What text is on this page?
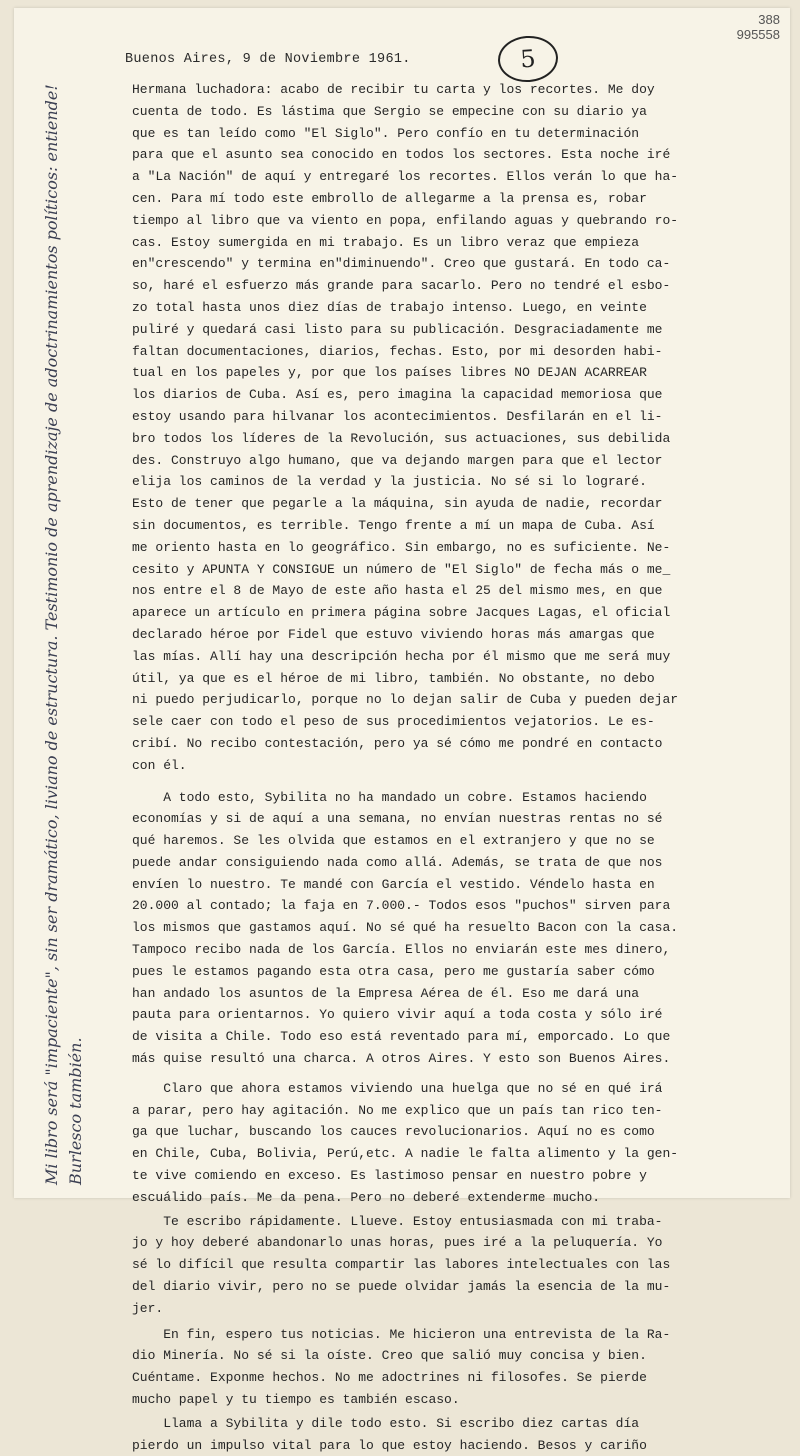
388
995558
5
Mi libro será "impaciente", sin ser dramático, liviano de estructura. Testimonio de aprendizaje de adoctrinamientos políticos: entiende! Burlesco también.
Buenos Aires, 9 de Noviembre 1961.
Hermana luchadora: acabo de recibir tu carta y los recortes. Me doy
cuenta de todo. Es lástima que Sergio se empecine con su diario ya
que es tan leído como "El Siglo". Pero confío en tu determinación
para que el asunto sea conocido en todos los sectores. Esta noche iré
a "La Nación" de aquí y entregaré los recortes. Ellos verán lo que ha-
cen. Para mí todo este embrollo de allegarme a la prensa es, robar
tiempo al libro que va viento en popa, enfilando aguas y quebrando ro-
cas. Estoy sumergida en mi trabajo. Es un libro veraz que empieza
en"crescendo" y termina en"diminuendo". Creo que gustará. En todo ca-
so, haré el esfuerzo más grande para sacarlo. Pero no tendré el esbo-
zo total hasta unos diez días de trabajo intenso. Luego, en veinte
puliré y quedará casi listo para su publicación. Desgraciadamente me
faltan documentaciones, diarios, fechas. Esto, por mi desorden habi-
tual en los papeles y, por que los países libres NO DEJAN ACARREAR
los diarios de Cuba. Así es, pero imagina la capacidad memoriosa que
estoy usando para hilvanar los acontecimientos. Desfilarán en el li-
bro todos los líderes de la Revolución, sus actuaciones, sus debilida
des. Construyo algo humano, que va dejando margen para que el lector
elija los caminos de la verdad y la justicia. No sé si lo lograré.
Esto de tener que pegarle a la máquina, sin ayuda de nadie, recordar
sin documentos, es terrible. Tengo frente a mí un mapa de Cuba. Así
me oriento hasta en lo geográfico. Sin embargo, no es suficiente. Ne-
cesito y APUNTA Y CONSIGUE un número de "El Siglo" de fecha más o me_
nos entre el 8 de Mayo de este año hasta el 25 del mismo mes, en que
aparece un artículo en primera página sobre Jacques Lagas, el oficial
declarado héroe por Fidel que estuvo viviendo horas más amargas que
las mías. Allí hay una descripción hecha por él mismo que me será muy
útil, ya que es el héroe de mi libro, también. No obstante, no debo
ni puedo perjudicarlo, porque no lo dejan salir de Cuba y pueden dejar
sele caer con todo el peso de sus procedimientos vejatorios. Le es-
cribí. No recibo contestación, pero ya sé cómo me pondré en contacto
con él.
A todo esto, Sybilita no ha mandado un cobre. Estamos haciendo
economías y si de aquí a una semana, no envían nuestras rentas no sé
qué haremos. Se les olvida que estamos en el extranjero y que no se
puede andar consiguiendo nada como allá. Además, se trata de que nos
envíen lo nuestro. Te mandé con García el vestido. Véndelo hasta en
20.000 al contado; la faja en 7.000.- Todos esos "puchos" sirven para
los mismos que gastamos aquí. No sé qué ha resuelto Bacon con la casa.
Tampoco recibo nada de los García. Ellos no enviarán este mes dinero,
pues le estamos pagando esta otra casa, pero me gustaría saber cómo
han andado los asuntos de la Empresa Aérea de él. Eso me dará una
pauta para orientarnos. Yo quiero vivir aquí a toda costa y sólo iré
de visita a Chile. Todo eso está reventado para mí, emporcado. Lo que
más quise resultó una charca. A otros Aires. Y esto son Buenos Aires.
Claro que ahora estamos viviendo una huelga que no sé en qué irá
a parar, pero hay agitación. No me explico que un país tan rico ten-
ga que luchar, buscando los cauces revolucionarios. Aquí no es como
en Chile, Cuba, Bolivia, Perú,etc. A nadie le falta alimento y la gen-
te vive comiendo en exceso. Es lastimoso pensar en nuestro pobre y
escuálido país. Me da pena. Pero no deberé extenderme mucho.
Te escribo rápidamente. Llueve. Estoy entusiasmada con mi traba-
jo y hoy deberé abandonarlo unas horas, pues iré a la peluquería. Yo
sé lo difícil que resulta compartir las labores intelectuales con las
del diario vivir, pero no se puede olvidar jamás la esencia de la mu-
jer.
En fin, espero tus noticias. Me hicieron una entrevista de la Ra-
dio Minería. No sé si la oíste. Creo que salió muy concisa y bien.
Cuéntame. Exponme hechos. No me adoctrines ni filosofes. Se pierde
mucho papel y tu tiempo es también escaso.
Llama a Sybilita y dile todo esto. Si escribo diez cartas día
pierdo un impulso vital para lo que estoy haciendo. Besos y cariño
